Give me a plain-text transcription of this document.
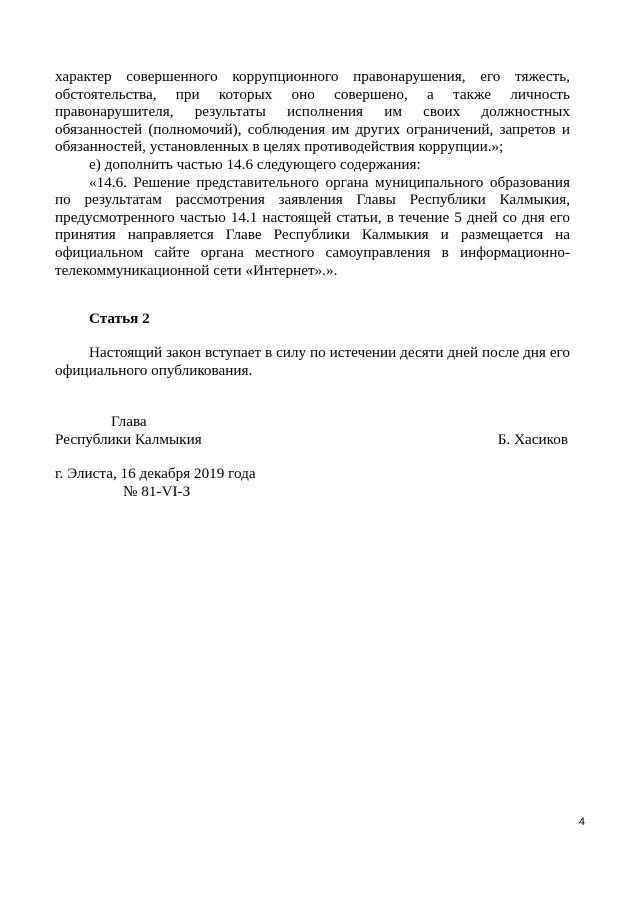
характер совершенного коррупционного правонарушения, его тяжесть, обстоятельства, при которых оно совершено, а также личность правонарушителя, результаты исполнения им своих должностных обязанностей (полномочий), соблюдения им других ограничений, запретов и обязанностей, установленных в целях противодействия коррупции.»;

е) дополнить частью 14.6 следующего содержания:

«14.6. Решение представительного органа муниципального образования по результатам рассмотрения заявления Главы Республики Калмыкия, предусмотренного частью 14.1 настоящей статьи, в течение 5 дней со дня его принятия направляется Главе Республики Калмыкия и размещается на официальном сайте органа местного самоуправления в информационно-телекоммуникационной сети «Интернет».».

Статья 2

Настоящий закон вступает в силу по истечении десяти дней после дня его официального опубликования.

Глава
Республики Калмыкия	Б. Хасиков
г. Элиста, 16 декабря 2019 года
№ 81-VI-З
4
